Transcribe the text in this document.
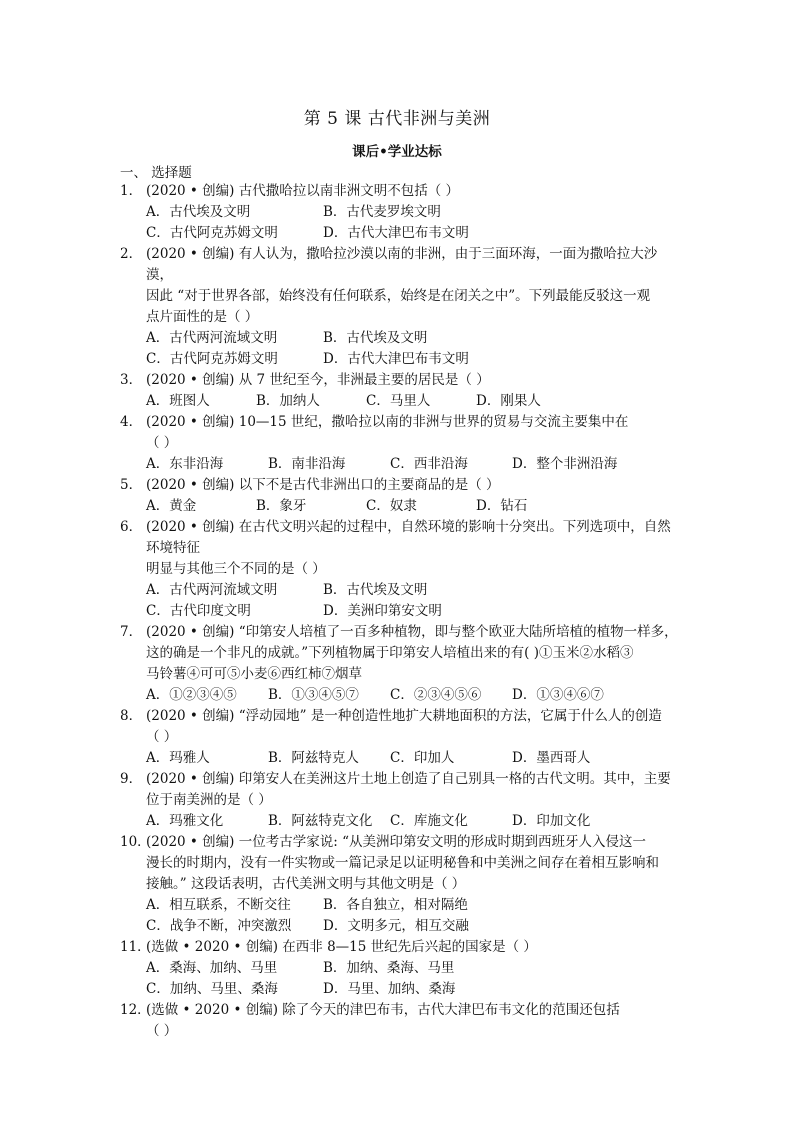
第 5 课 古代非洲与美洲
课后•学业达标
一、 选择题
1． (2020 • 创编) 古代撒哈拉以南非洲文明不包括（ ）
A．古代埃及文明	B．古代麦罗埃文明
C．古代阿克苏姆文明	D．古代大津巴布韦文明
2． (2020 • 创编) 有人认为，撒哈拉沙漠以南的非洲，由于三面环海，一面为撒哈拉大沙漠，
因此 “对于世界各部，始终没有任何联系，始终是在闭关之中”。下列最能反驳这一观
点片面性的是（ ）
A．古代两河流域文明	B．古代埃及文明
C．古代阿克苏姆文明	D．古代大津巴布韦文明
3． (2020 • 创编) 从 7 世纪至今，非洲最主要的居民是（ ）
A．班图人	B．加纳人	C．马里人	D．刚果人
4． (2020 • 创编) 10—15 世纪，撒哈拉以南的非洲与世界的贸易与交流主要集中在
（ ）
A．东非沿海	B．南非沿海	C．西非沿海	D．整个非洲沿海
5． (2020 • 创编) 以下不是古代非洲出口的主要商品的是（ ）
A．黄金	B．象牙	C．奴隶	D．钻石
6． (2020 • 创编) 在古代文明兴起的过程中，自然环境的影响十分突出。下列选项中，自然
环境特征
明显与其他三个不同的是（ ）
A．古代两河流域文明	B．古代埃及文明
C．古代印度文明	D．美洲印第安文明
7． (2020 • 创编) “印第安人培植了一百多种植物，即与整个欧亚大陆所培植的植物一样多，
这的确是一个非凡的成就。”下列植物属于印第安人培植出来的有( )①玉米②水稻③
马铃薯④可可⑤小麦⑥西红柿⑦烟草
A．①②③④⑤	B．①③④⑤⑦	C．②③④⑤⑥	D．①③④⑥⑦
8． (2020 • 创编) “浮动园地” 是一种创造性地扩大耕地面积的方法，它属于什么人的创造
（ ）
A．玛雅人	B．阿兹特克人	C．印加人	D．墨西哥人
9． (2020 • 创编) 印第安人在美洲这片土地上创造了自己别具一格的古代文明。其中，主要
位于南美洲的是（ ）
A．玛雅文化	B．阿兹特克文化	C．库施文化	D．印加文化
10．
(2020 • 创编) 一位考古学家说: “从美洲印第安文明的形成时期到西班牙人入侵这一
漫长的时期内，没有一件实物或一篇记录足以证明秘鲁和中美洲之间存在着相互影响和
接触。” 这段话表明，古代美洲文明与其他文明是（ ）
A．相互联系，不断交往	B．各自独立，相对隔绝
C．战争不断，冲突激烈	D．文明多元，相互交融
11．
(选做 • 2020 • 创编) 在西非 8—15 世纪先后兴起的国家是（ ）
A．桑海、加纳、马里	B．加纳、桑海、马里
C．加纳、马里、桑海	D．马里、加纳、桑海
12．
(选做 • 2020 • 创编) 除了今天的津巴布韦，古代大津巴布韦文化的范围还包括
（ ）
